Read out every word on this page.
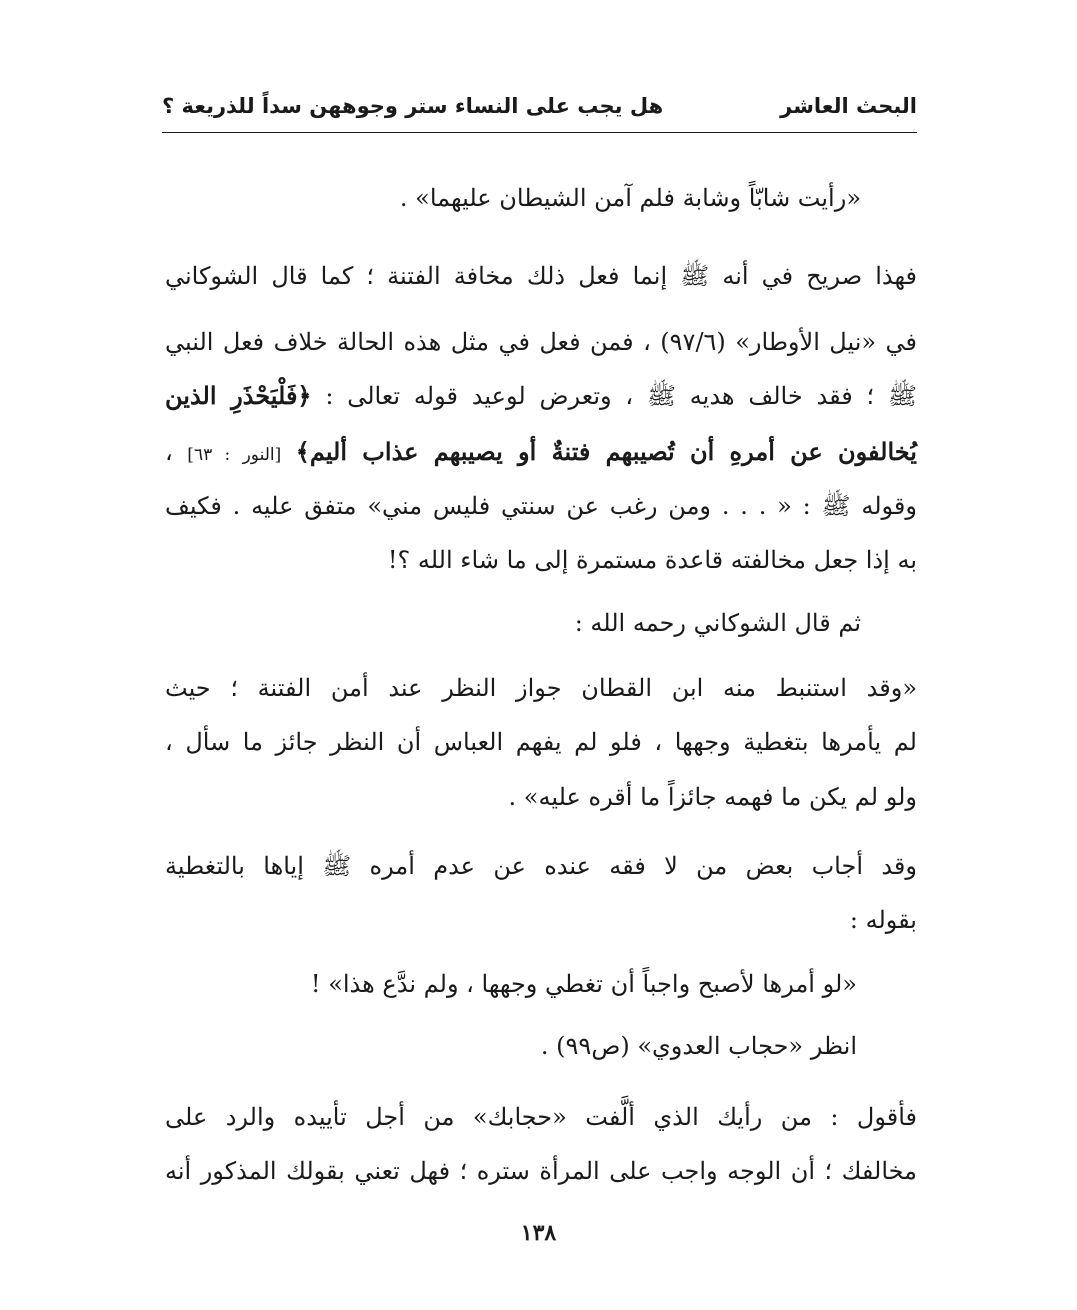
البحث العاشر
هل يجب على النساء ستر وجوههن سداً للذريعة ؟
«رأيت شابّاً وشابة فلم آمن الشيطان عليهما» .
فهذا صريح في أنه ﷺ إنما فعل ذلك مخافة الفتنة ؛ كما قال الشوكاني
في «نيل الأوطار» (٩٧/٦) ، فمن فعل في مثل هذه الحالة خلاف فعل النبي
ﷺ ؛ فقد خالف هديه ﷺ ، وتعرض لوعيد قوله تعالى : ﴿فَلْيَحْذَرِ الذين
يُخالفون عن أمرهِ أن تُصيبهم فتنةٌ أو يصيبهم عذاب أليم﴾ [النور : ٦٣] ،
وقوله ﷺ : « . . . ومن رغب عن سنتي فليس مني» متفق عليه . فكيف
به إذا جعل مخالفته قاعدة مستمرة إلى ما شاء الله ؟!
ثم قال الشوكاني رحمه الله :
«وقد استنبط منه ابن القطان جواز النظر عند أمن الفتنة ؛ حيث
لم يأمرها بتغطية وجهها ، فلو لم يفهم العباس أن النظر جائز ما سأل ،
ولو لم يكن ما فهمه جائزاً ما أقره عليه» .
وقد أجاب بعض من لا فقه عنده عن عدم أمره ﷺ إياها بالتغطية
بقوله :
«لو أمرها لأصبح واجباً أن تغطي وجهها ، ولم ندَّع هذا» !
انظر «حجاب العدوي» (ص٩٩) .
فأقول : من رأيك الذي ألَّفت «حجابك» من أجل تأييده والرد على
مخالفك ؛ أن الوجه واجب على المرأة ستره ؛ فهل تعني بقولك المذكور أنه
١٣٨
